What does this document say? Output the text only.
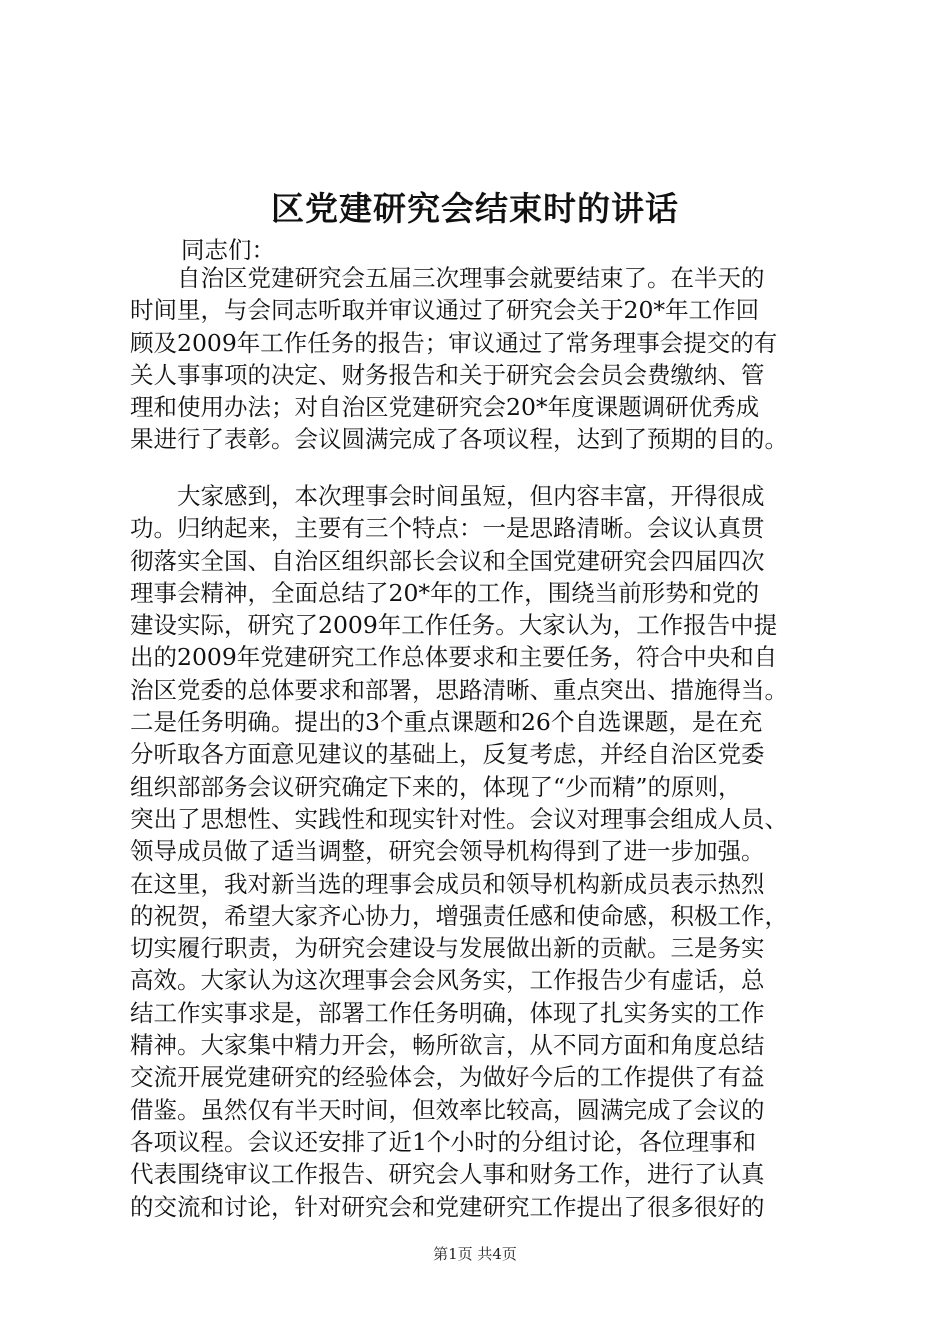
区党建研究会结束时的讲话
同志们：
　　自治区党建研究会五届三次理事会就要结束了。在半天的
时间里，与会同志听取并审议通过了研究会关于20*年工作回
顾及2009年工作任务的报告；审议通过了常务理事会提交的有
关人事事项的决定、财务报告和关于研究会会员会费缴纳、管
理和使用办法；对自治区党建研究会20*年度课题调研优秀成
果进行了表彰。会议圆满完成了各项议程，达到了预期的目的。
　　大家感到，本次理事会时间虽短，但内容丰富，开得很成
功。归纳起来，主要有三个特点：一是思路清晰。会议认真贯
彻落实全国、自治区组织部长会议和全国党建研究会四届四次
理事会精神，全面总结了20*年的工作，围绕当前形势和党的
建设实际，研究了2009年工作任务。大家认为，工作报告中提
出的2009年党建研究工作总体要求和主要任务，符合中央和自
治区党委的总体要求和部署，思路清晰、重点突出、措施得当。
二是任务明确。提出的3个重点课题和26个自选课题，是在充
分听取各方面意见建议的基础上，反复考虑，并经自治区党委
组织部部务会议研究确定下来的，体现了“少而精”的原则，
突出了思想性、实践性和现实针对性。会议对理事会组成人员、
领导成员做了适当调整，研究会领导机构得到了进一步加强。
在这里，我对新当选的理事会成员和领导机构新成员表示热烈
的祝贺，希望大家齐心协力，增强责任感和使命感，积极工作，
切实履行职责，为研究会建设与发展做出新的贡献。三是务实
高效。大家认为这次理事会会风务实，工作报告少有虚话，总
结工作实事求是，部署工作任务明确，体现了扎实务实的工作
精神。大家集中精力开会，畅所欲言，从不同方面和角度总结
交流开展党建研究的经验体会，为做好今后的工作提供了有益
借鉴。虽然仅有半天时间，但效率比较高，圆满完成了会议的
各项议程。会议还安排了近1个小时的分组讨论，各位理事和
代表围绕审议工作报告、研究会人事和财务工作，进行了认真
的交流和讨论，针对研究会和党建研究工作提出了很多很好的
第1页 共4页
